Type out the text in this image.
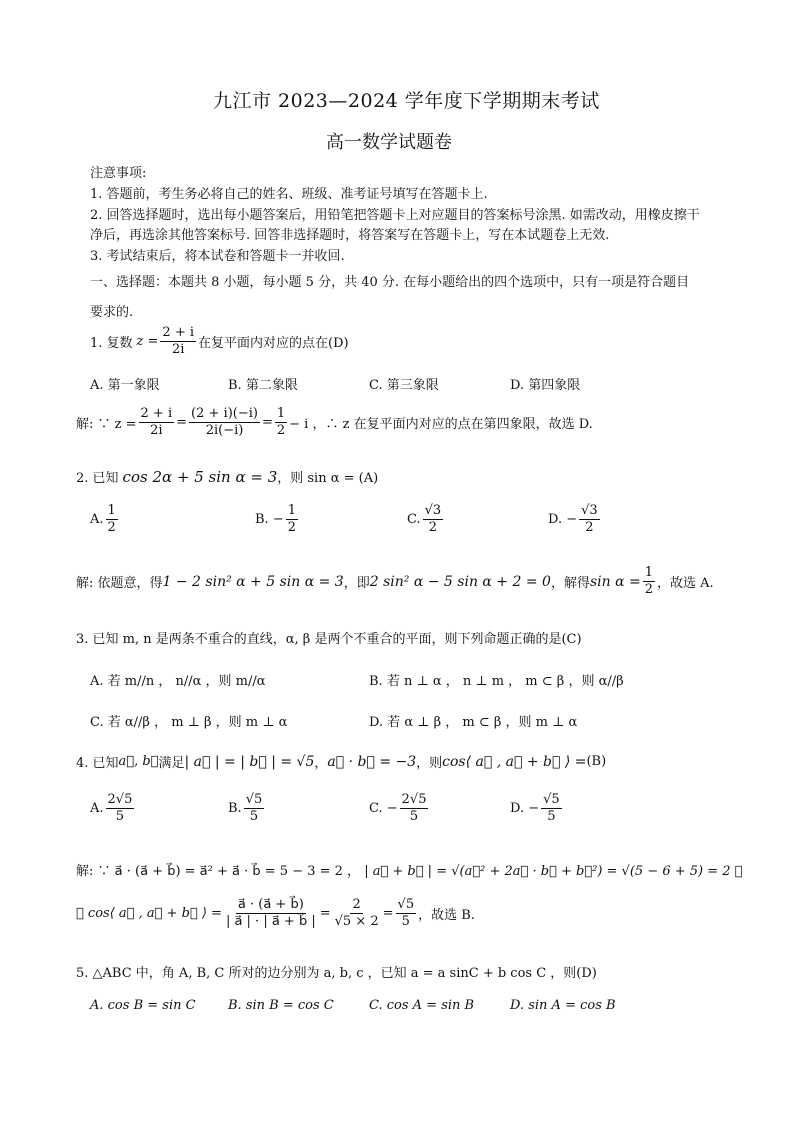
九江市 2023—2024 学年度下学期期末考试
高一数学试题卷
注意事项:
1. 答题前，考生务必将自己的姓名、班级、准考证号填写在答题卡上.
2. 回答选择题时，选出每小题答案后，用铅笔把答题卡上对应题目的答案标号涂黑. 如需改动，用橡皮擦干
净后，再选涂其他答案标号. 回答非选择题时，将答案写在答题卡上，写在本试题卷上无效.
3. 考试结束后，将本试卷和答题卡一并收回.
一、选择题：本题共 8 小题，每小题 5 分，共 40 分. 在每小题给出的四个选项中，只有一项是符合题目
要求的.
1. 复数 $z = \frac{2 + i}{2i}$ 在复平面内对应的点在(D)
A. 第一象限	B. 第二象限	C. 第三象限	D. 第四象限
解: ∵ $z = \frac{2 + i}{2i} = \frac{(2 + i)(-i)}{2i(-i)} = \frac{1}{2} - i$ ，∴ z 在复平面内对应的点在第四象限，故选 D.
2. 已知 cos 2α + 5 sin α = 3 ，则 sin α = (A)
A. $\frac{1}{2}$	B. − $\frac{1}{2}$	C. $\frac{√3}{2}$	D. − $\frac{√3}{2}$
解: 依题意，得 1 − 2 sin² α + 5 sin α = 3 ，即 2 sin² α − 5 sin α + 2 = 0 ，解得 $\sin \alpha = \frac{1}{2}$ ，故选 A.
3. 已知 m, n 是两条不重合的直线，α, β 是两个不重合的平面，则下列命题正确的是(C)
A. 若 m//n ， n//α ，则 m//α	B. 若 n ⊥ α ， n ⊥ m ， m ⊂ β ，则 α//β
C. 若 α//β ， m ⊥ β ，则 m ⊥ α	D. 若 α ⊥ β ， m ⊂ β ，则 m ⊥ α
4. 已知 a⃗, b⃗ 满足 | a⃗ | = | b⃗ | = √5 ， a⃗ · b⃗ = −3 ，则 cos⟨ a⃗ , a⃗ + b⃗ ⟩ = (B)
A. $\frac{2√5}{5}$	B. $\frac{√5}{5}$	C. − $\frac{2√5}{5}$	D. − $\frac{√5}{5}$
解: ∵ a⃗ · (a⃗ + b⃗) = a⃗² + a⃗ · b⃗ = 5 − 3 = 2 ， | a⃗ + b⃗ | = √(a⃗² + 2a⃗ · b⃗ + b⃗²) = √(5 − 6 + 5) = 2 ，
∴ cos⟨ a⃗ , a⃗ + b⃗ ⟩ = $\frac{a⃗ \cdot (a⃗ + b⃗)}{| a⃗ | \cdot | a⃗ + b⃗ |} = \frac{2}{√5 \times 2} = \frac{√5}{5}$ ，故选 B.
5. △ABC 中，角 A, B, C 所对的边分别为 a, b, c ，已知 a = a sinC + b cos C ，则(D)
A. cos B = sin C B. sin B = cos C	C. cos A = sin B	D. sin A = cos B
